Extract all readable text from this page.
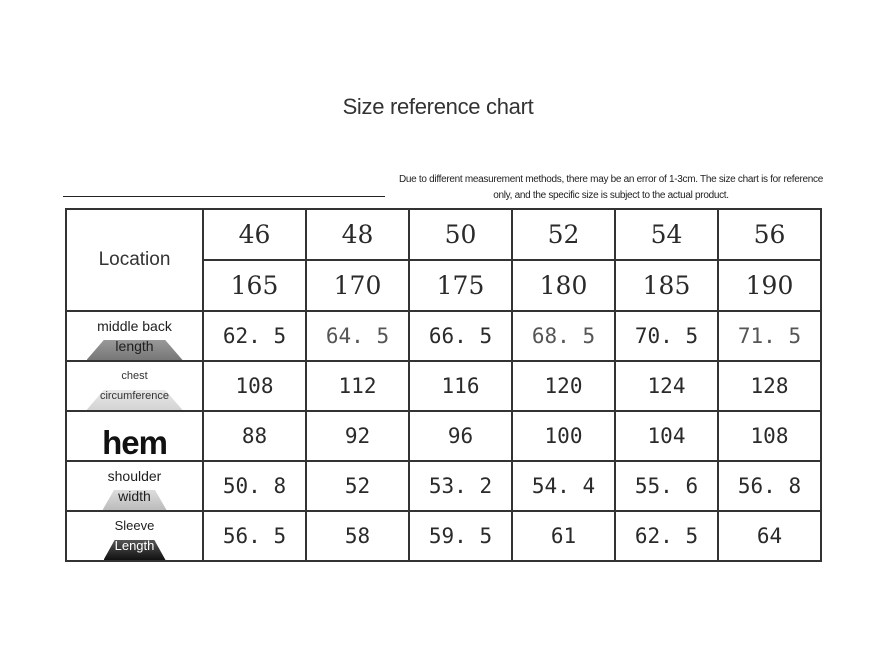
Size reference chart
Due to different measurement methods, there may be an error of 1-3cm. The size chart is for reference only, and the specific size is subject to the actual product.
Location	46	48	50	52	54	56
	165	170	175	180	185	190

middle back
length	62. 5	64. 5	66. 5	68. 5	70. 5	71. 5

chest
circumference	108	112	116	120	124	128

hem	88	92	96	100	104	108

shoulder
width	50. 8	52	53. 2	54. 4	55. 6	56. 8

Sleeve
Length	56. 5	58	59. 5	61	62. 5	64
